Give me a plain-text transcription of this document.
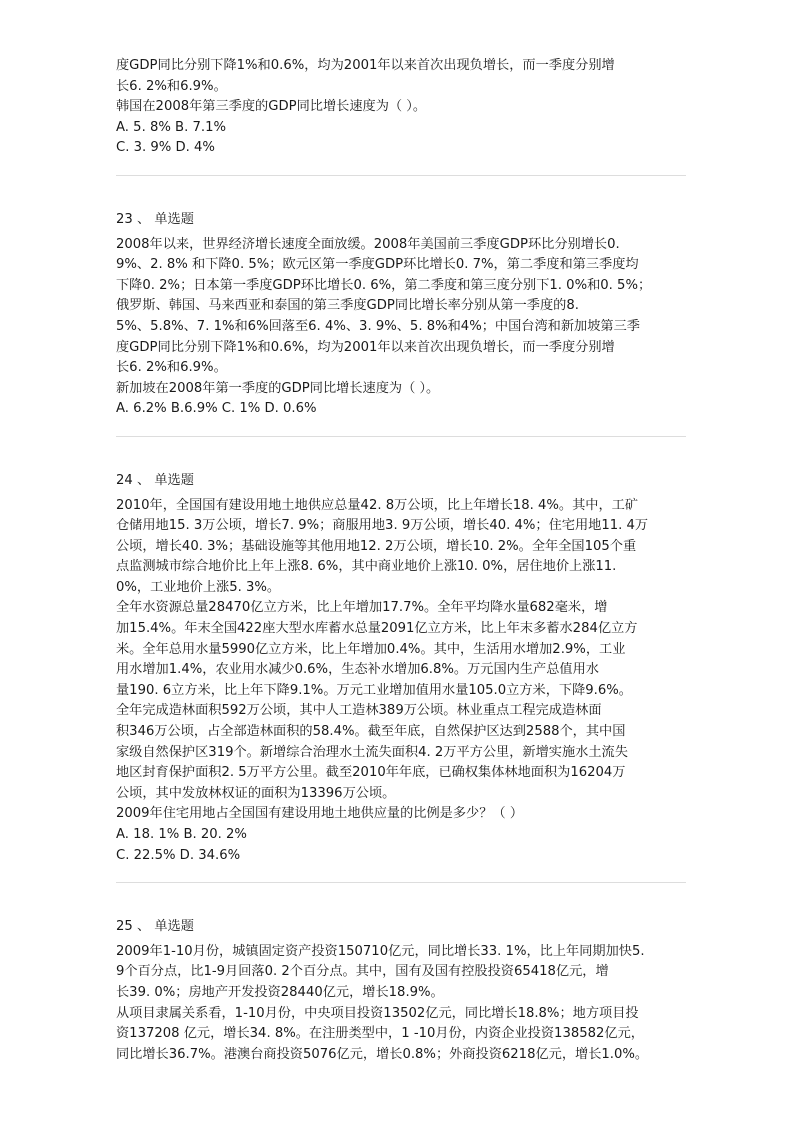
度GDP同比分别下降1%和0.6%，均为2001年以来首次出现负增长，而一季度分别增
长6. 2%和6.9%。
韩国在2008年第三季度的GDP同比增长速度为（ ）。
A. 5. 8% B. 7.1%
C. 3. 9% D. 4%
23 、 单选题
2008年以来，世界经济增长速度全面放缓。2008年美国前三季度GDP环比分别增长0.
9%、2. 8% 和下降0. 5%；欧元区第一季度GDP环比增长0. 7%，第二季度和第三季度均
下降0. 2%；日本第一季度GDP环比增长0. 6%，第二季度和第三度分别下1. 0%和0. 5%；
俄罗斯、韩国、马来西亚和泰国的第三季度GDP同比增长率分别从第一季度的8.
5%、5.8%、7. 1%和6%回落至6. 4%、3. 9%、5. 8%和4%；中国台湾和新加坡第三季
度GDP同比分别下降1%和0.6%，均为2001年以来首次出现负增长，而一季度分别增
长6. 2%和6.9%。
新加坡在2008年第一季度的GDP同比增长速度为（ ）。
A. 6.2% B.6.9% C. 1% D. 0.6%
24 、 单选题
2010年，全国国有建设用地土地供应总量42. 8万公顷，比上年增长18. 4%。其中，工矿
仓储用地15. 3万公顷，增长7. 9%；商服用地3. 9万公顷，增长40. 4%；住宅用地11. 4万
公顷，增长40. 3%；基础设施等其他用地12. 2万公顷，增长10. 2%。全年全国105个重
点监测城市综合地价比上年上涨8. 6%，其中商业地价上涨10. 0%，居住地价上涨11.
0%，工业地价上涨5. 3%。
全年水资源总量28470亿立方米，比上年增加17.7%。全年平均降水量682毫米，增
加15.4%。年末全国422座大型水库蓄水总量2091亿立方米，比上年末多蓄水284亿立方
米。全年总用水量5990亿立方米，比上年增加0.4%。其中，生活用水增加2.9%，工业
用水增加1.4%，农业用水减少0.6%，生态补水增加6.8%。万元国内生产总值用水
量190. 6立方米，比上年下降9.1%。万元工业增加值用水量105.0立方米，下降9.6%。
全年完成造林面积592万公顷，其中人工造林389万公顷。林业重点工程完成造林面
积346万公顷，占全部造林面积的58.4%。截至年底，自然保护区达到2588个，其中国
家级自然保护区319个。新增综合治理水土流失面积4. 2万平方公里，新增实施水土流失
地区封育保护面积2. 5万平方公里。截至2010年年底，已确权集体林地面积为16204万
公顷，其中发放林权证的面积为13396万公顷。
2009年住宅用地占全国国有建设用地土地供应量的比例是多少？（ ）
A. 18. 1% B. 20. 2%
C. 22.5% D. 34.6%
25 、 单选题
2009年1-10月份，城镇固定资产投资150710亿元，同比增长33. 1%，比上年同期加快5.
9个百分点，比1-9月回落0. 2个百分点。其中，国有及国有控股投资65418亿元，增
长39. 0%；房地产开发投资28440亿元，增长18.9%。
从项目隶属关系看，1-10月份，中央项目投资13502亿元，同比增长18.8%；地方项目投
资137208 亿元，增长34. 8%。在注册类型中，1 -10月份，内资企业投资138582亿元，
同比增长36.7%。港澳台商投资5076亿元，增长0.8%；外商投资6218亿元，增长1.0%。
